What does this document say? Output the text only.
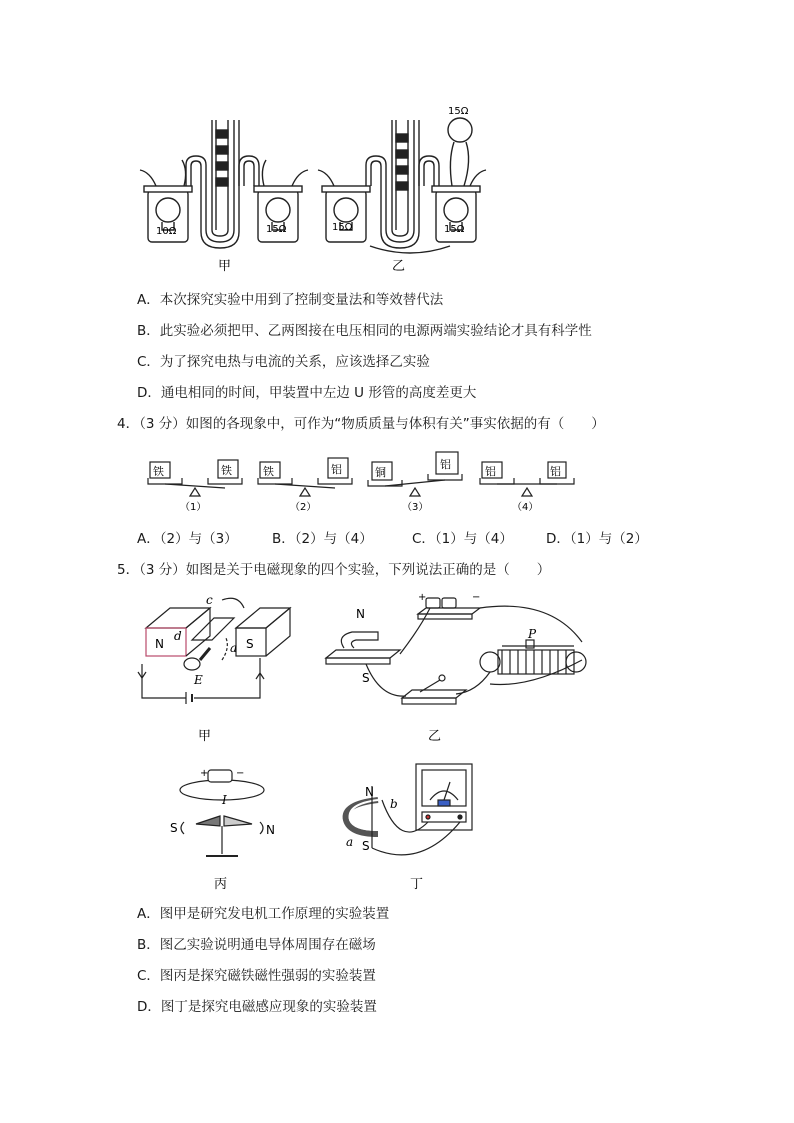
10Ω	15Ω
甲
15Ω
15Ω	15Ω
乙
A．本次探究实验中用到了控制变量法和等效替代法
B．此实验必须把甲、乙两图接在电压相同的电源两端实验结论才具有科学性
C．为了探究电热与电流的关系，应该选择乙实验
D．通电相同的时间，甲装置中左边 U 形管的高度差更大
4．（3 分）如图的各现象中，可作为“物质质量与体积有关”事实依据的有（　　）
铁	铁
（1）
铁	铝
（2）
铜
铝
（3）
铝	铝
（4）
A．（2）与（3）	B．（2）与（4）	C．（1）与（4） D．（1）与（2）
5．（3 分）如图是关于电磁现象的四个实验，下列说法正确的是（　　）
N	S
c
d
a
E
甲
N
S
P
+	−
乙
+	−
I
S	N
丙
N
S
a
b
丁
A．图甲是研究发电机工作原理的实验装置
B．图乙实验说明通电导体周围存在磁场
C．图丙是探究磁铁磁性强弱的实验装置
D．图丁是探究电磁感应现象的实验装置
